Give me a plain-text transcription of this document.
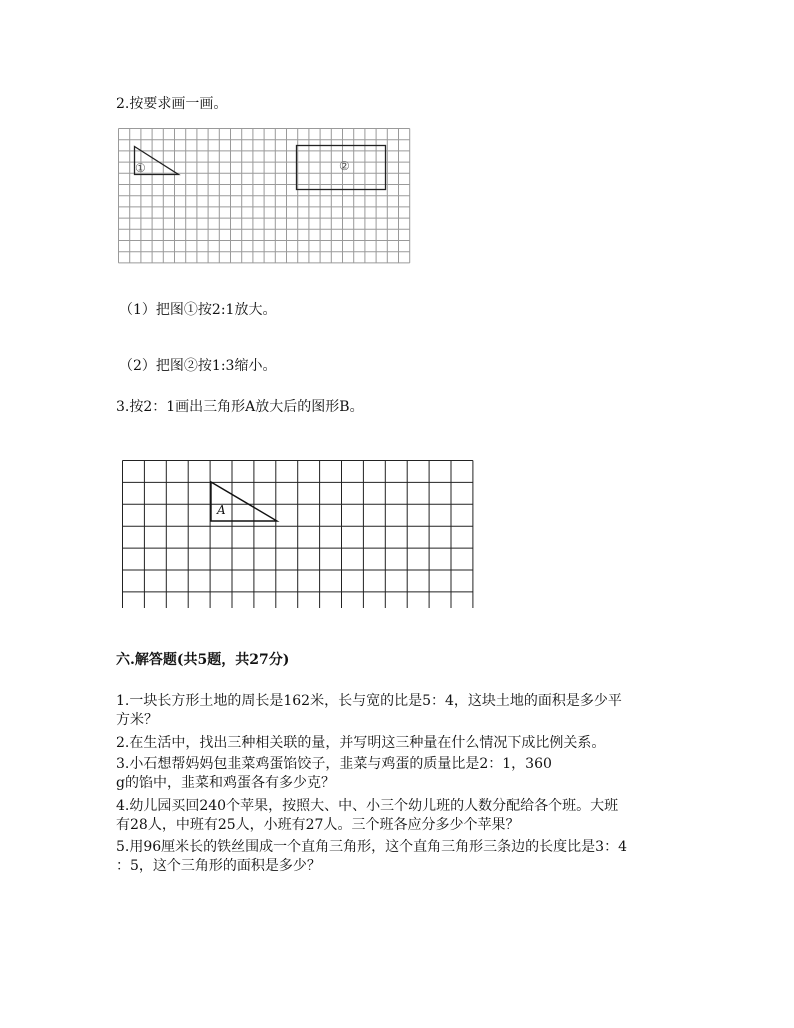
2.按要求画一画。
①	②
（1）把图①按2:1放大。
（2）把图②按1:3缩小。
3.按2：1画出三角形A放大后的图形B。
A
六.解答题(共5题，共27分)
1.一块长方形土地的周长是162米，长与宽的比是5：4，这块土地的面积是多少平
方米？
2.在生活中，找出三种相关联的量，并写明这三种量在什么情况下成比例关系。
3.小石想帮妈妈包韭菜鸡蛋馅饺子，韭菜与鸡蛋的质量比是2：1，360
g的馅中，韭菜和鸡蛋各有多少克？
4.幼儿园买回240个苹果，按照大、中、小三个幼儿班的人数分配给各个班。大班
有28人，中班有25人，小班有27人。三个班各应分多少个苹果？
5.用96厘米长的铁丝围成一个直角三角形，这个直角三角形三条边的长度比是3：4
：5，这个三角形的面积是多少？
